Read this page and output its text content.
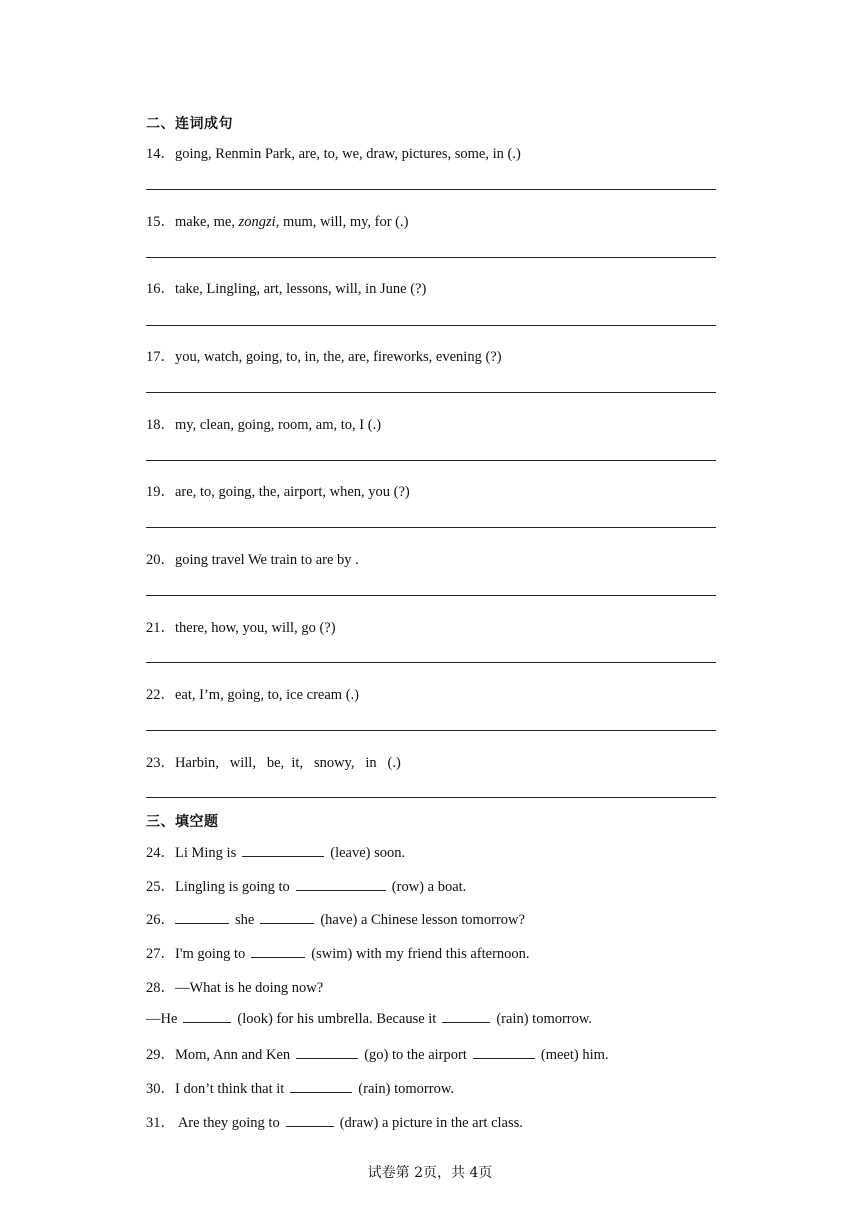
二、连词成句
14．going, Renmin Park, are, to, we, draw, pictures, some, in (.)
15．make, me, zongzi, mum, will, my, for (.)
16．take, Lingling, art, lessons, will, in June (?)
17．you, watch, going, to, in, the, are, fireworks, evening (?)
18．my, clean, going, room, am, to, I (.)
19．are, to, going, the, airport, when, you (?)
20．going travel We train to are by .
21．there, how, you, will, go (?)
22．eat, I’m, going, to, ice cream (.)
23．Harbin,   will,   be,  it,   snowy,   in   (.)
三、填空题
24．Li Ming is	(leave) soon.
25．Lingling is going to	(row) a boat.
26．	she	(have) a Chinese lesson tomorrow?
27．I'm going to	(swim) with my friend this afternoon.
28．—What is he doing now?
—He	(look) for his umbrella. Because it	(rain) tomorrow.
29．Mom, Ann and Ken	(go) to the airport	(meet) him.
30．I don’t think that it	(rain) tomorrow.
31． Are they going to	(draw) a picture in the art class.
试卷第 2页，共 4页
